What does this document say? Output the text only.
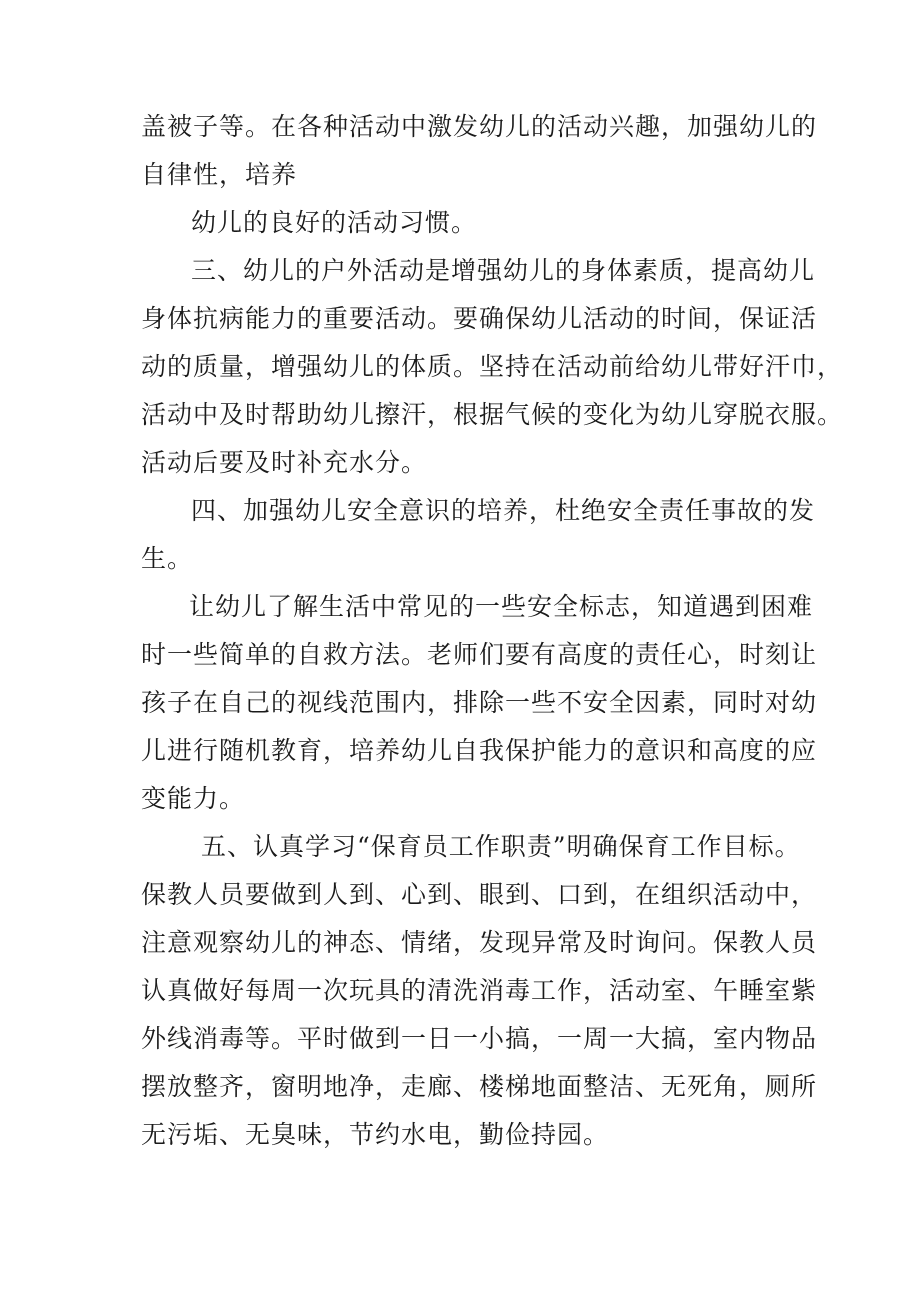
盖被子等。在各种活动中激发幼儿的活动兴趣，加强幼儿的
自律性，培养
幼儿的良好的活动习惯。
三、幼儿的户外活动是增强幼儿的身体素质，提高幼儿
身体抗病能力的重要活动。要确保幼儿活动的时间，保证活
动的质量，增强幼儿的体质。坚持在活动前给幼儿带好汗巾，
活动中及时帮助幼儿擦汗，根据气候的变化为幼儿穿脱衣服。
活动后要及时补充水分。
四、加强幼儿安全意识的培养，杜绝安全责任事故的发
生。
让幼儿了解生活中常见的一些安全标志，知道遇到困难
时一些简单的自救方法。老师们要有高度的责任心，时刻让
孩子在自己的视线范围内，排除一些不安全因素，同时对幼
儿进行随机教育，培养幼儿自我保护能力的意识和高度的应
变能力。
五、认真学习“保育员工作职责”明确保育工作目标。
保教人员要做到人到、心到、眼到、口到，在组织活动中，
注意观察幼儿的神态、情绪，发现异常及时询问。保教人员
认真做好每周一次玩具的清洗消毒工作，活动室、午睡室紫
外线消毒等。平时做到一日一小搞，一周一大搞，室内物品
摆放整齐，窗明地净，走廊、楼梯地面整洁、无死角，厕所
无污垢、无臭味，节约水电，勤俭持园。
